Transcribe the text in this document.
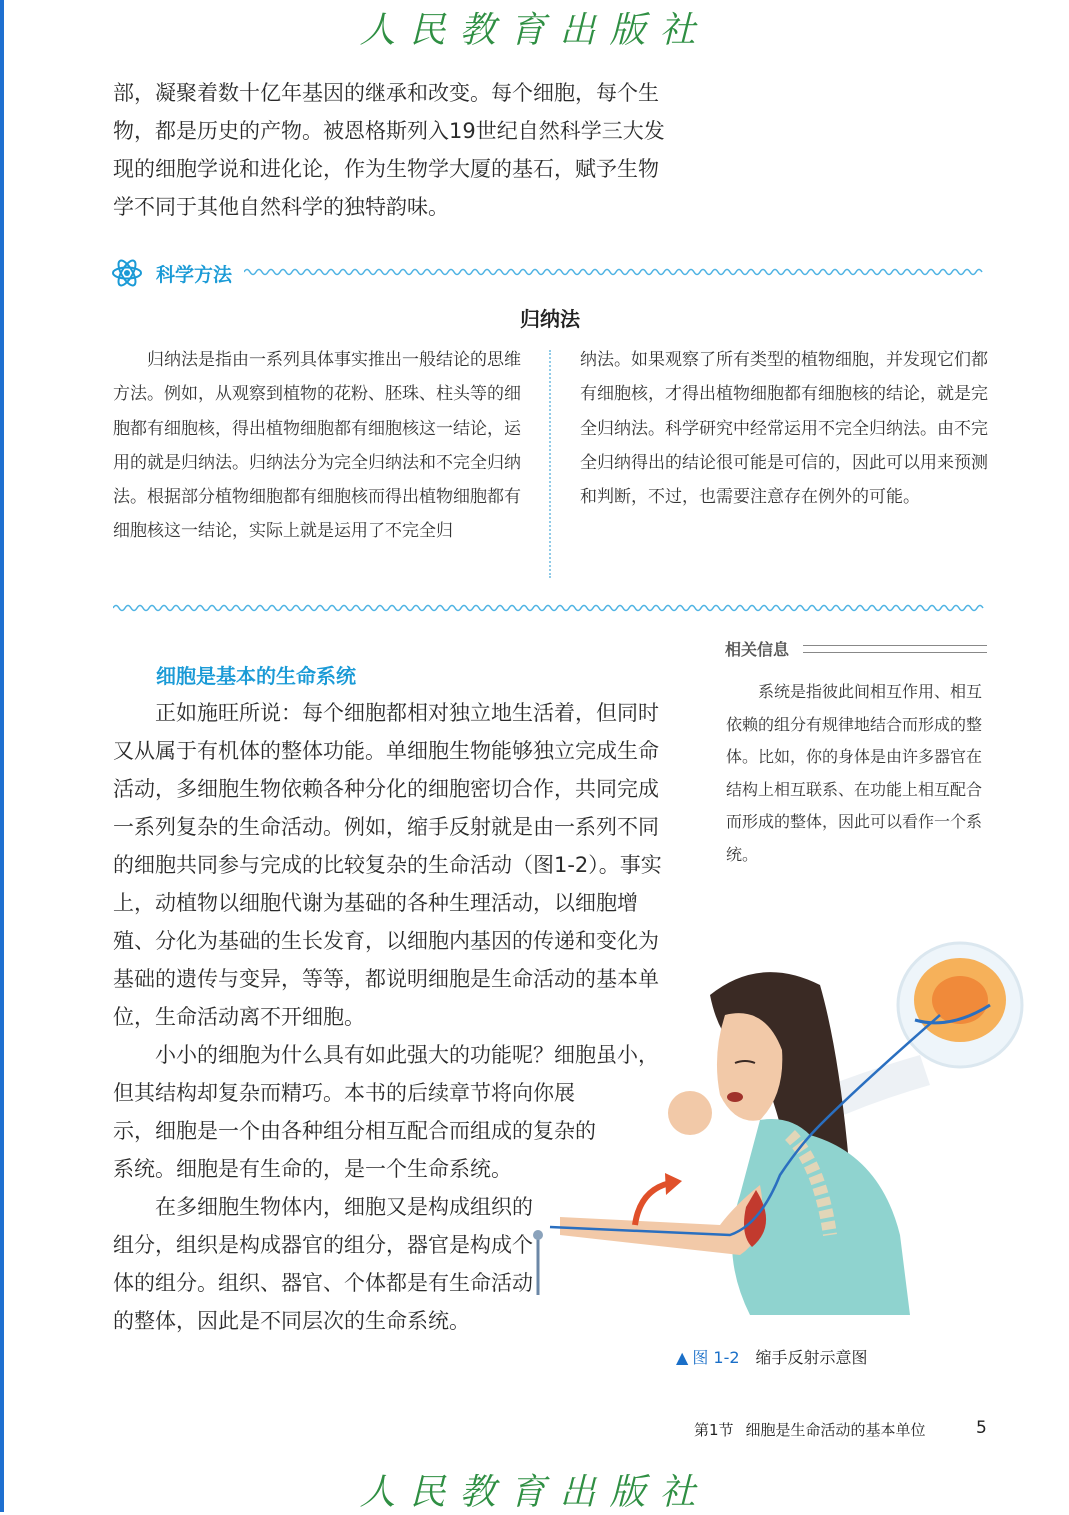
人民教育出版社

部，凝聚着数十亿年基因的继承和改变。每个细胞，每个生物，都是历史的产物。被恩格斯列入19世纪自然科学三大发现的细胞学说和进化论，作为生物学大厦的基石，赋予生物学不同于其他自然科学的独特韵味。

科学方法
归纳法

　　归纳法是指由一系列具体事实推出一般结论的思维方法。例如，从观察到植物的花粉、胚珠、柱头等的细胞都有细胞核，得出植物细胞都有细胞核这一结论，运用的就是归纳法。归纳法分为完全归纳法和不完全归纳法。根据部分植物细胞都有细胞核而得出植物细胞都有细胞核这一结论，实际上就是运用了不完全归

纳法。如果观察了所有类型的植物细胞，并发现它们都有细胞核，才得出植物细胞都有细胞核的结论，就是完全归纳法。科学研究中经常运用不完全归纳法。由不完全归纳得出的结论很可能是可信的，因此可以用来预测和判断，不过，也需要注意存在例外的可能。

相关信息

系统是指彼此间相互作用、相互依赖的组分有规律地结合而形成的整体。比如，你的身体是由许多器官在结构上相互联系、在功能上相互配合而形成的整体，因此可以看作一个系统。

细胞是基本的生命系统

　　正如施旺所说：每个细胞都相对独立地生活着，但同时又从属于有机体的整体功能。单细胞生物能够独立完成生命活动，多细胞生物依赖各种分化的细胞密切合作，共同完成一系列复杂的生命活动。例如，缩手反射就是由一系列不同的细胞共同参与完成的比较复杂的生命活动（图1-2）。事实上，动植物以细胞代谢为基础的各种生理活动，以细胞增殖、分化为基础的生长发育，以细胞内基因的传递和变化为基础的遗传与变异，等等，都说明细胞是生命活动的基本单位，生命活动离不开细胞。

　　小小的细胞为什么具有如此强大的功能呢？细胞虽小，

但其结构却复杂而精巧。本书的后续章节将向你展示，细胞是一个由各种组分相互配合而组成的复杂的系统。细胞是有生命的，是一个生命系统。

　　在多细胞生物体内，细胞又是构成组织的组分，组织是构成器官的组分，器官是构成个体的组分。组织、器官、个体都是有生命活动的整体，因此是不同层次的生命系统。

▲ 图 1-2 缩手反射示意图
第1节 细胞是生命活动的基本单位	5
人民教育出版社
